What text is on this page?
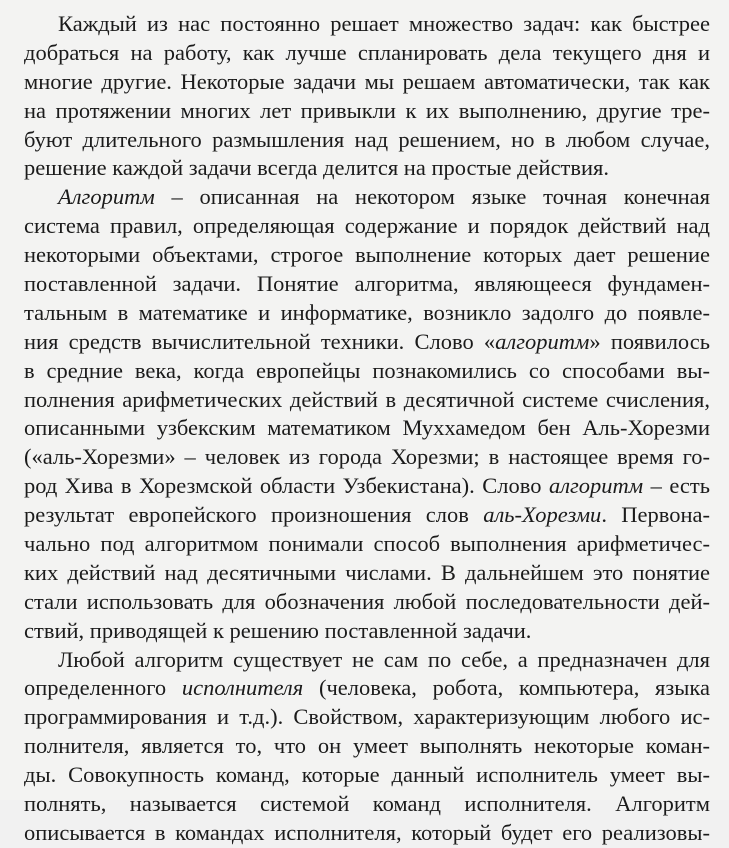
Каждый из нас постоянно решает множество задач: как быстрее
добраться на работу, как лучше спланировать дела текущего дня и
многие другие. Некоторые задачи мы решаем автоматически, так как
на протяжении многих лет привыкли к их выполнению, другие тре-
буют длительного размышления над решением, но в любом случае,
решение каждой задачи всегда делится на простые действия.
Алгоритм – описанная на некотором языке точная конечная
система правил, определяющая содержание и порядок действий над
некоторыми объектами, строгое выполнение которых дает решение
поставленной задачи. Понятие алгоритма, являющееся фундамен-
тальным в математике и информатике, возникло задолго до появле-
ния средств вычислительной техники. Слово «алгоритм» появилось
в средние века, когда европейцы познакомились со способами вы-
полнения арифметических действий в десятичной системе счисления,
описанными узбекским математиком Муххамедом бен Аль-Хорезми
(«аль-Хорезми» – человек из города Хорезми; в настоящее время го-
род Хива в Хорезмской области Узбекистана). Слово алгоритм – есть
результат европейского произношения слов аль-Хорезми. Первона-
чально под алгоритмом понимали способ выполнения арифметичес-
ких действий над десятичными числами. В дальнейшем это понятие
стали использовать для обозначения любой последовательности дей-
ствий, приводящей к решению поставленной задачи.
Любой алгоритм существует не сам по себе, а предназначен для
определенного исполнителя (человека, робота, компьютера, языка
программирования и т.д.). Свойством, характеризующим любого ис-
полнителя, является то, что он умеет выполнять некоторые коман-
ды. Совокупность команд, которые данный исполнитель умеет вы-
полнять, называется системой команд исполнителя. Алгоритм
описывается в командах исполнителя, который будет его реализовы-
